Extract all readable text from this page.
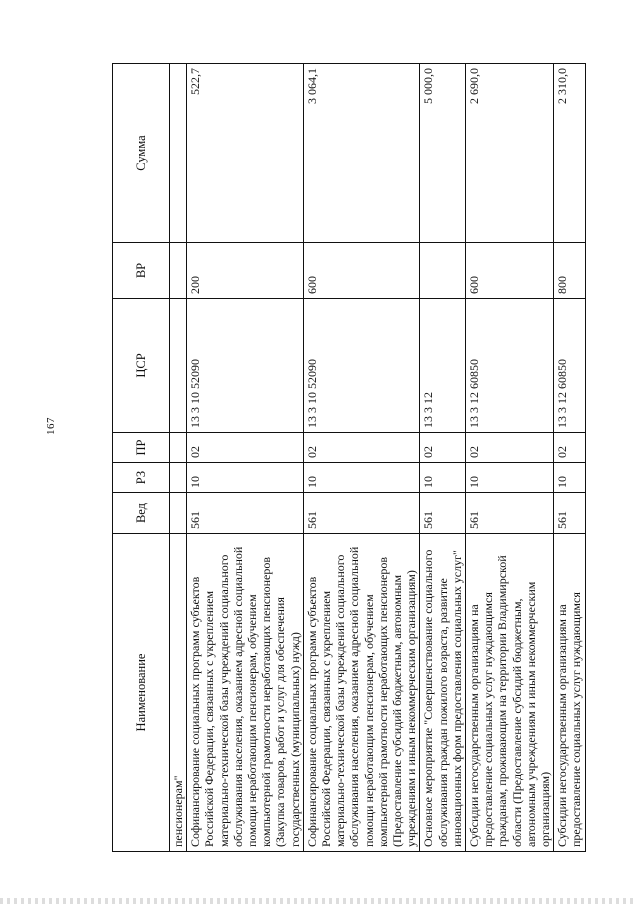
167
Наименование	Вед	РЗ	ПР	ЦСР	ВР	Сумма
пенсионерам"						
Софинансирование социальных программ субъектов Российской Федерации, связанных с укреплением материально-технической базы учреждений социального обслуживания населения, оказанием адресной социальной помощи неработающим пенсионерам, обучением компьютерной грамотности неработающих пенсионеров (Закупка товаров, работ и услуг для обеспечения государственных (муниципальных) нужд)	561	10	02	13 3 10 52090	200	522,7
Софинансирование социальных программ субъектов Российской Федерации, связанных с укреплением материально-технической базы учреждений социального обслуживания населения, оказанием адресной социальной помощи неработающим пенсионерам, обучением компьютерной грамотности неработающих пенсионеров (Предоставление субсидий бюджетным, автономным учреждениям и иным некоммерческим организациям)	561	10	02	13 3 10 52090	600	3 064,1
Основное мероприятие "Совершенствование социального обслуживания граждан пожилого возраста, развитие инновационных форм предоставления социальных услуг"	561	10	02	13 3 12		5 000,0
Субсидии негосударственным организациям на предоставление социальных услуг нуждающимся гражданам, проживающим на территории Владимирской области (Предоставление субсидий бюджетным, автономным учреждениям и иным некоммерческим организациям)	561	10	02	13 3 12 60850	600	2 690,0
Субсидии негосударственным организациям на предоставление социальных услуг нуждающимся	561	10	02	13 3 12 60850	800	2 310,0
